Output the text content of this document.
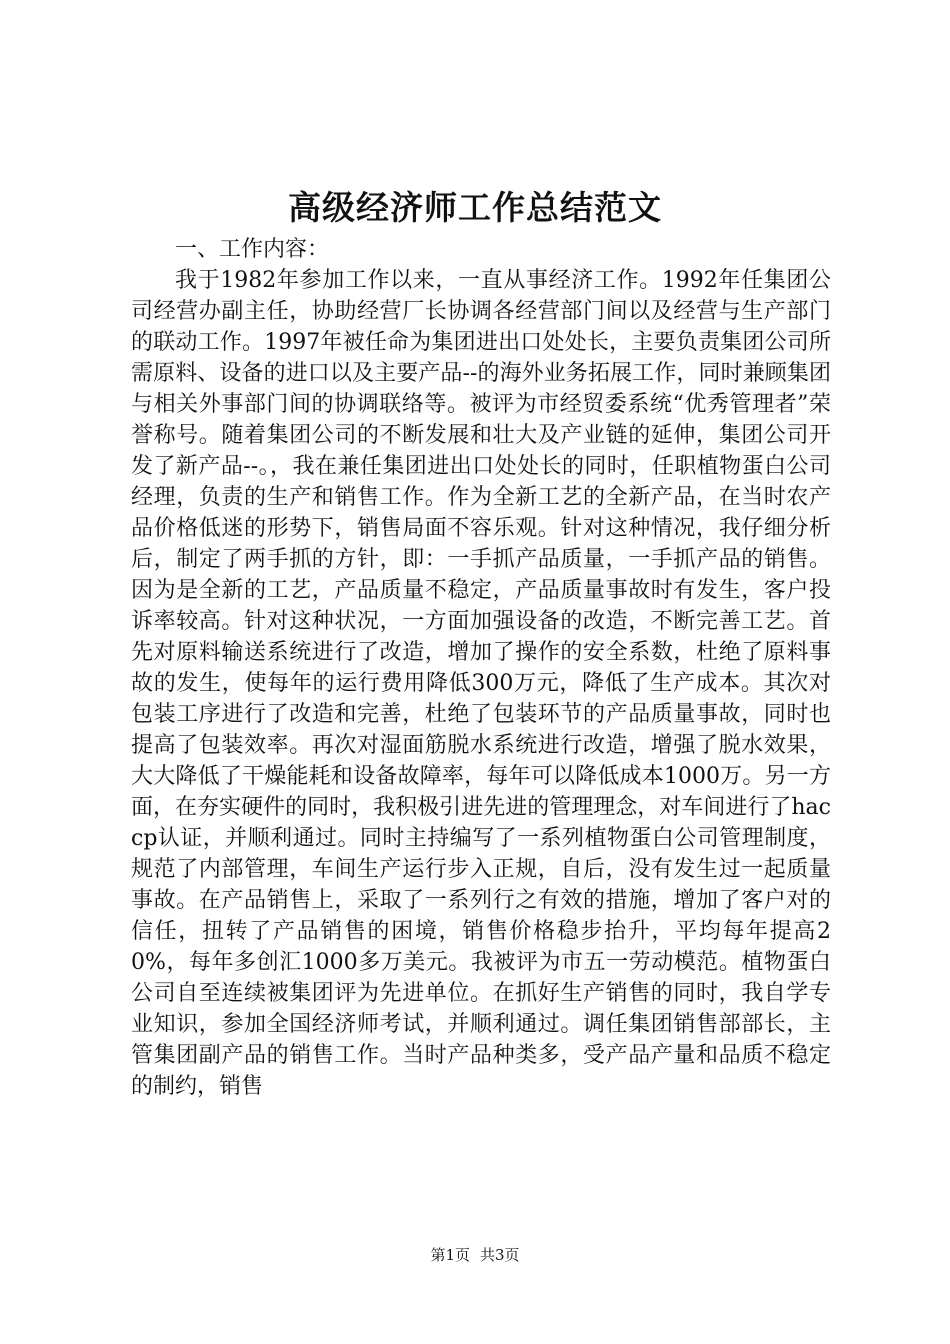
高级经济师工作总结范文

一、工作内容：

我于1982年参加工作以来，一直从事经济工作。1992年任集团公司经营办副主任，协助经营厂长协调各经营部门间以及经营与生产部门的联动工作。1997年被任命为集团进出口处处长，主要负责集团公司所需原料、设备的进口以及主要产品--的海外业务拓展工作，同时兼顾集团与相关外事部门间的协调联络等。被评为市经贸委系统“优秀管理者”荣誉称号。随着集团公司的不断发展和壮大及产业链的延伸，集团公司开发了新产品--。，我在兼任集团进出口处处长的同时，任职植物蛋白公司经理，负责的生产和销售工作。作为全新工艺的全新产品，在当时农产品价格低迷的形势下，销售局面不容乐观。针对这种情况，我仔细分析后，制定了两手抓的方针，即：一手抓产品质量，一手抓产品的销售。因为是全新的工艺，产品质量不稳定，产品质量事故时有发生，客户投诉率较高。针对这种状况，一方面加强设备的改造，不断完善工艺。首先对原料输送系统进行了改造，增加了操作的安全系数，杜绝了原料事故的发生，使每年的运行费用降低300万元，降低了生产成本。其次对包装工序进行了改造和完善，杜绝了包装环节的产品质量事故，同时也提高了包装效率。再次对湿面筋脱水系统进行改造，增强了脱水效果，大大降低了干燥能耗和设备故障率，每年可以降低成本1000万。另一方面，在夯实硬件的同时，我积极引进先进的管理理念，对车间进行了haccp认证，并顺利通过。同时主持编写了一系列植物蛋白公司管理制度，规范了内部管理，车间生产运行步入正规，自后，没有发生过一起质量事故。在产品销售上，采取了一系列行之有效的措施，增加了客户对的信任，扭转了产品销售的困境，销售价格稳步抬升，平均每年提高20%，每年多创汇1000多万美元。我被评为市五一劳动模范。植物蛋白公司自至连续被集团评为先进单位。在抓好生产销售的同时，我自学专业知识，参加全国经济师考试，并顺利通过。调任集团销售部部长，主管集团副产品的销售工作。当时产品种类多，受产品产量和品质不稳定的制约，销售

第1页 共3页
